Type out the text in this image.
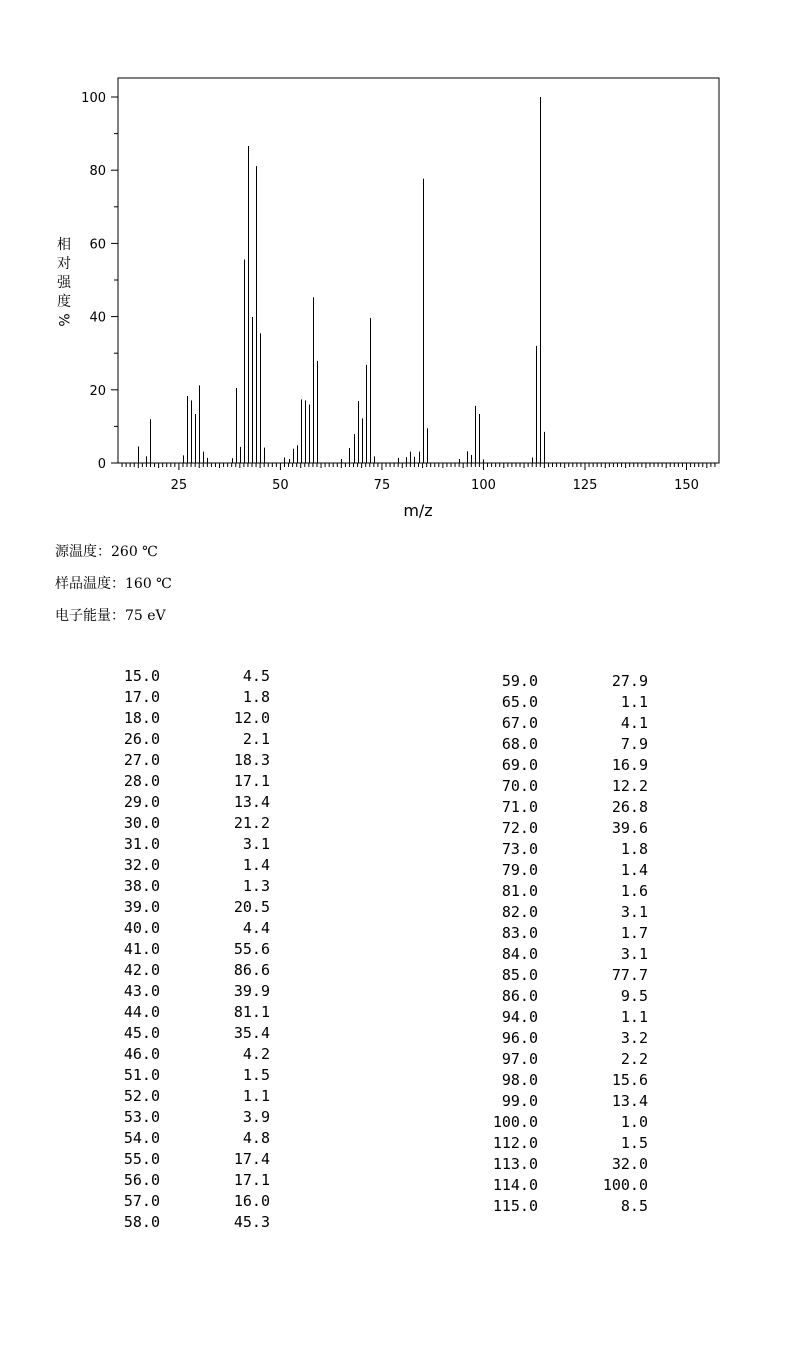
25	50	75	100	125	150
0
20
40
60
80
100
m/z
相
对
强
度
%
源温度：260 ℃
样品温度：160 ℃
电子能量：75 eV
15.0	4.5
17.0	1.8
18.0	12.0
26.0	2.1
27.0	18.3
28.0	17.1
29.0	13.4
30.0	21.2
31.0	3.1
32.0	1.4
38.0	1.3
39.0	20.5
40.0	4.4
41.0	55.6
42.0	86.6
43.0	39.9
44.0	81.1
45.0	35.4
46.0	4.2
51.0	1.5
52.0	1.1
53.0	3.9
54.0	4.8
55.0	17.4
56.0	17.1
57.0	16.0
58.0	45.3
59.0	27.9
65.0	1.1
67.0	4.1
68.0	7.9
69.0	16.9
70.0	12.2
71.0	26.8
72.0	39.6
73.0	1.8
79.0	1.4
81.0	1.6
82.0	3.1
83.0	1.7
84.0	3.1
85.0	77.7
86.0	9.5
94.0	1.1
96.0	3.2
97.0	2.2
98.0	15.6
99.0	13.4
100.0	1.0
112.0	1.5
113.0	32.0
114.0	100.0
115.0	8.5
